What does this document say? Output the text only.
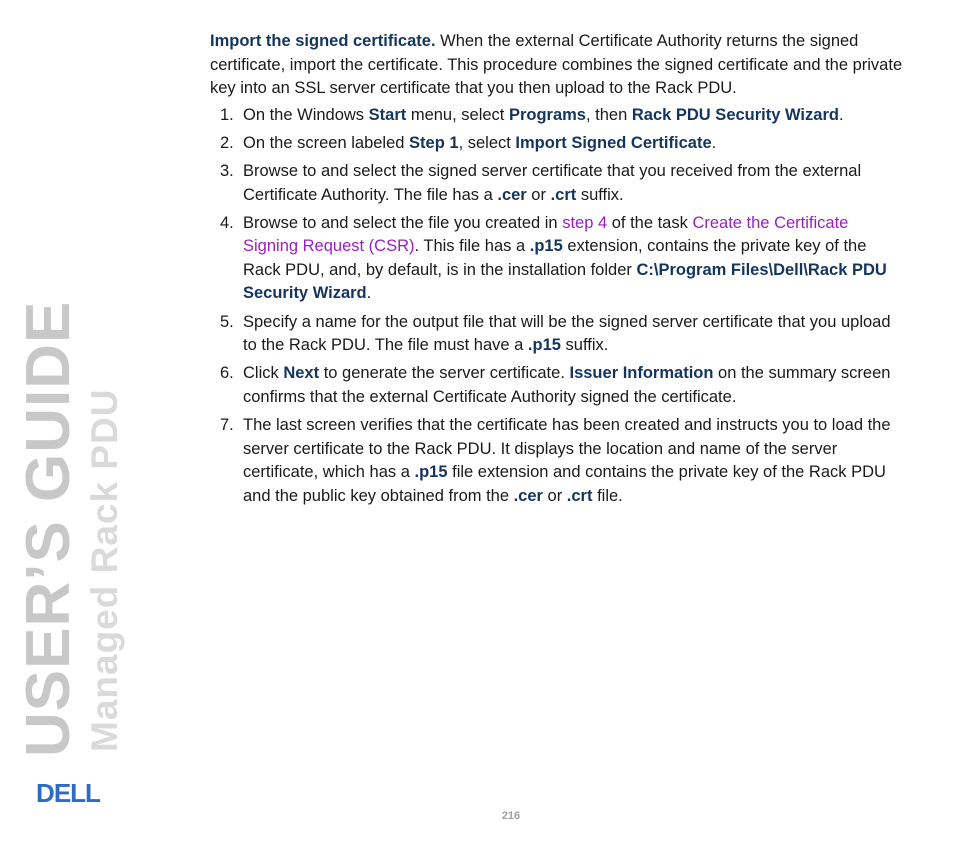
USER’S GUIDE Managed Rack PDU
DELL

Import the signed certificate. When the external Certificate Authority returns the signed certificate, import the certificate. This procedure combines the signed certificate and the private key into an SSL server certificate that you then upload to the Rack PDU.

1. On the Windows Start menu, select Programs, then Rack PDU Security Wizard.
2. On the screen labeled Step 1, select Import Signed Certificate.
3. Browse to and select the signed server certificate that you received from the external Certificate Authority. The file has a .cer or .crt suffix.
4. Browse to and select the file you created in step 4 of the task Create the Certificate Signing Request (CSR). This file has a .p15 extension, contains the private key of the Rack PDU, and, by default, is in the installation folder C:\Program Files\Dell\Rack PDU Security Wizard.
5. Specify a name for the output file that will be the signed server certificate that you upload to the Rack PDU. The file must have a .p15 suffix.
6. Click Next to generate the server certificate. Issuer Information on the summary screen confirms that the external Certificate Authority signed the certificate.
7. The last screen verifies that the certificate has been created and instructs you to load the server certificate to the Rack PDU. It displays the location and name of the server certificate, which has a .p15 file extension and contains the private key of the Rack PDU and the public key obtained from the .cer or .crt file.
216
